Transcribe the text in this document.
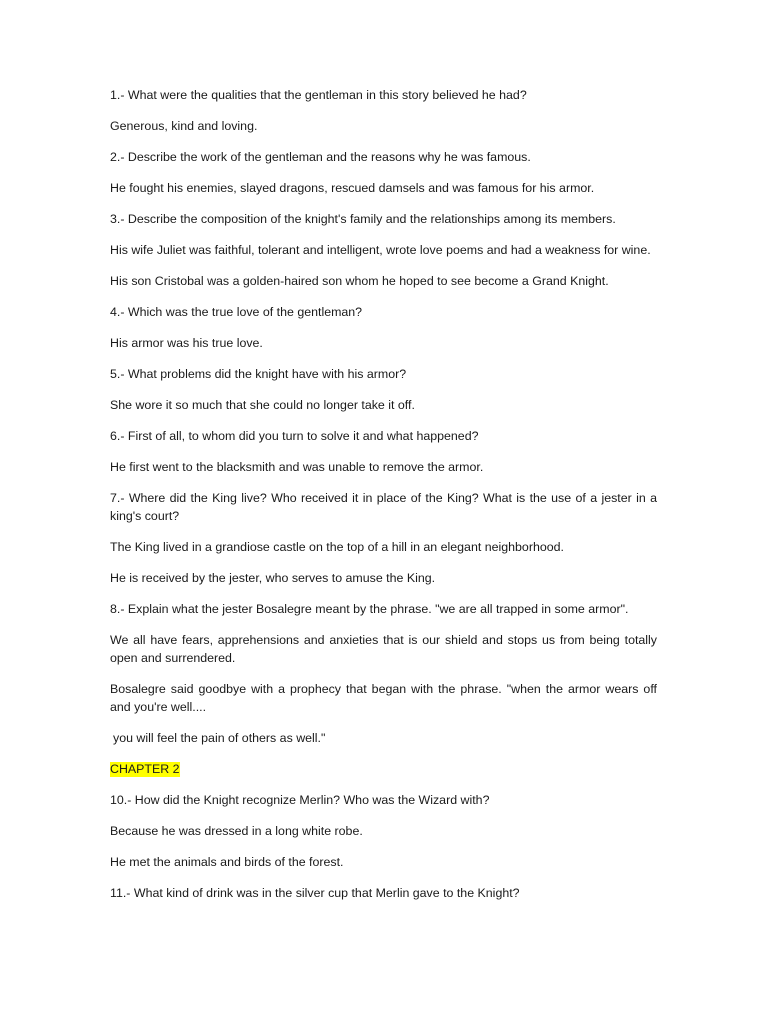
1.- What were the qualities that the gentleman in this story believed he had?

Generous, kind and loving.

2.- Describe the work of the gentleman and the reasons why he was famous.

He fought his enemies, slayed dragons, rescued damsels and was famous for his armor.

3.- Describe the composition of the knight's family and the relationships among its members.

His wife Juliet was faithful, tolerant and intelligent, wrote love poems and had a weakness for wine.

His son Cristobal was a golden-haired son whom he hoped to see become a Grand Knight.

4.- Which was the true love of the gentleman?

His armor was his true love.

5.- What problems did the knight have with his armor?

She wore it so much that she could no longer take it off.

6.- First of all, to whom did you turn to solve it and what happened?

He first went to the blacksmith and was unable to remove the armor.

7.- Where did the King live? Who received it in place of the King? What is the use of a jester in a king's court?

The King lived in a grandiose castle on the top of a hill in an elegant neighborhood.

He is received by the jester, who serves to amuse the King.

8.- Explain what the jester Bosalegre meant by the phrase. "we are all trapped in some armor".

We all have fears, apprehensions and anxieties that is our shield and stops us from being totally open and surrendered.

Bosalegre said goodbye with a prophecy that began with the phrase. "when the armor wears off and you're well....

you will feel the pain of others as well."

CHAPTER 2

10.- How did the Knight recognize Merlin? Who was the Wizard with?

Because he was dressed in a long white robe.

He met the animals and birds of the forest.

11.- What kind of drink was in the silver cup that Merlin gave to the Knight?
